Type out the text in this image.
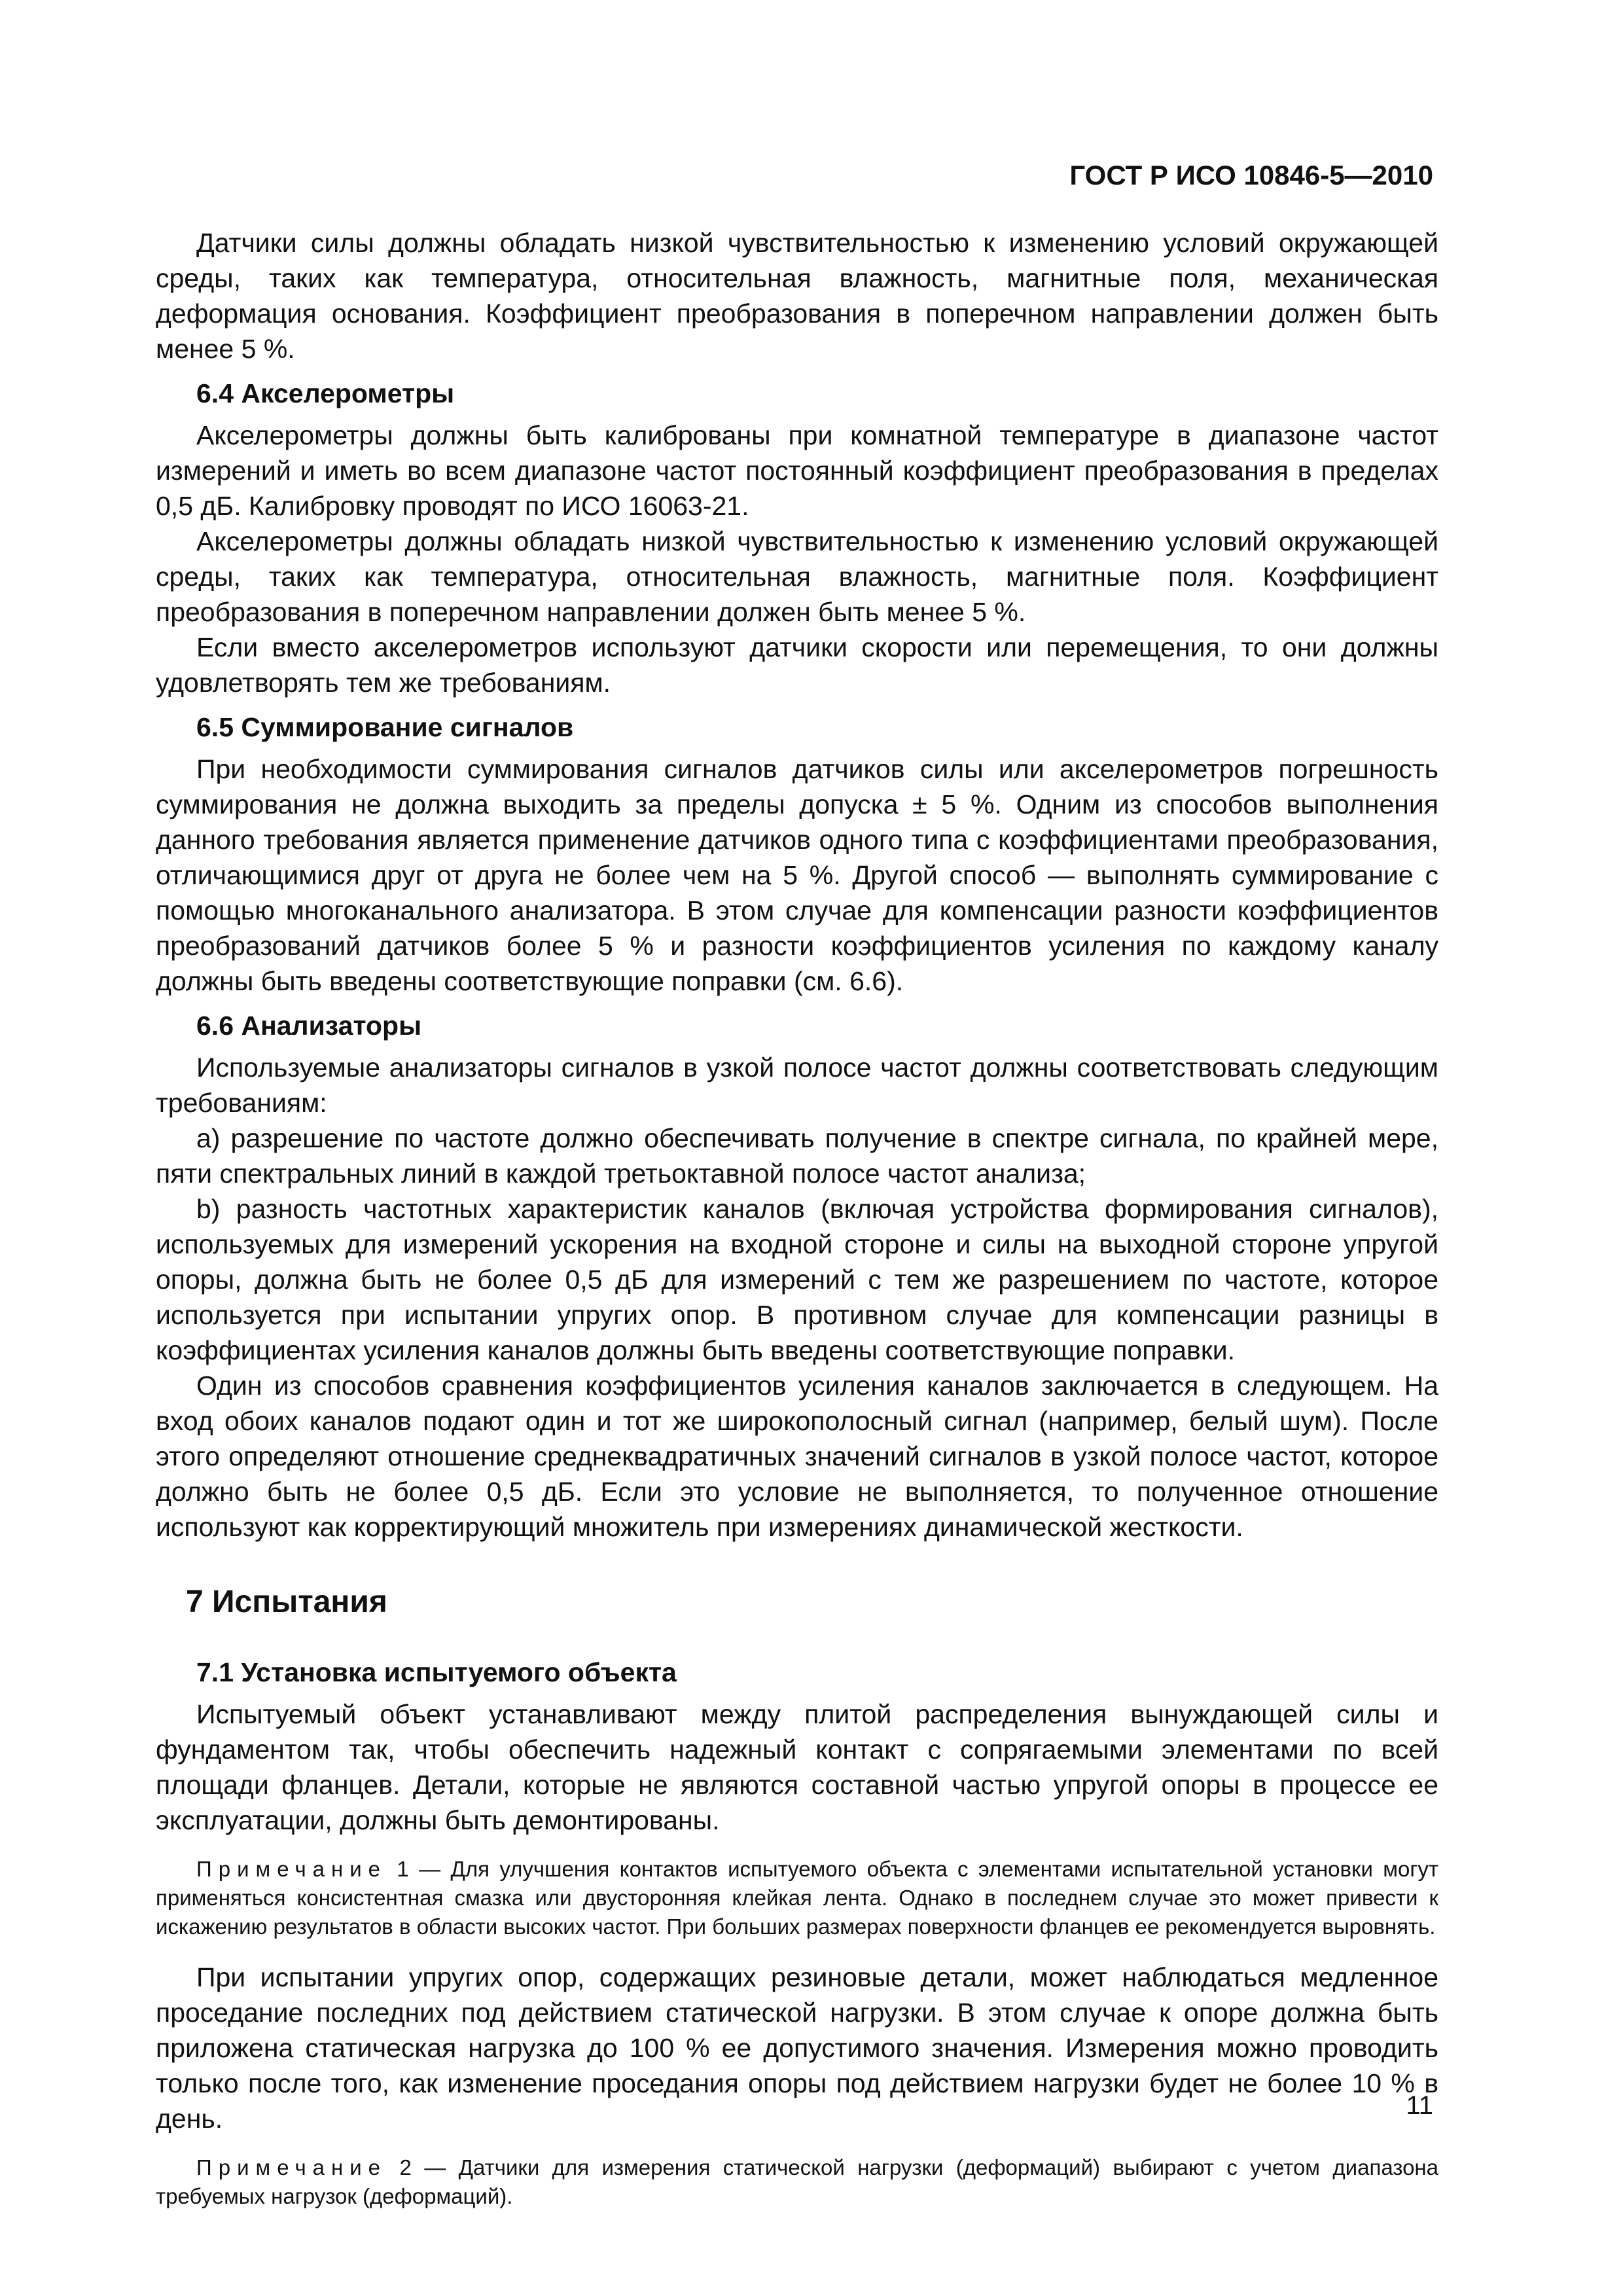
ГОСТ Р ИСО 10846-5—2010

Датчики силы должны обладать низкой чувствительностью к изменению условий окружающей среды, таких как температура, относительная влажность, магнитные поля, механическая деформация основания. Коэффициент преобразования в поперечном направлении должен быть менее 5 %.

6.4 Акселерометры

Акселерометры должны быть калиброваны при комнатной температуре в диапазоне частот измерений и иметь во всем диапазоне частот постоянный коэффициент преобразования в пределах 0,5 дБ. Калибровку проводят по ИСО 16063-21.

Акселерометры должны обладать низкой чувствительностью к изменению условий окружающей среды, таких как температура, относительная влажность, магнитные поля. Коэффициент преобразования в поперечном направлении должен быть менее 5 %.

Если вместо акселерометров используют датчики скорости или перемещения, то они должны удовлетворять тем же требованиям.

6.5 Суммирование сигналов

При необходимости суммирования сигналов датчиков силы или акселерометров погрешность суммирования не должна выходить за пределы допуска ± 5 %. Одним из способов выполнения данного требования является применение датчиков одного типа с коэффициентами преобразования, отличающимися друг от друга не более чем на 5 %. Другой способ — выполнять суммирование с помощью многоканального анализатора. В этом случае для компенсации разности коэффициентов преобразований датчиков более 5 % и разности коэффициентов усиления по каждому каналу должны быть введены соответствующие поправки (см. 6.6).

6.6 Анализаторы

Используемые анализаторы сигналов в узкой полосе частот должны соответствовать следующим требованиям:

а) разрешение по частоте должно обеспечивать получение в спектре сигнала, по крайней мере, пяти спектральных линий в каждой третьоктавной полосе частот анализа;

b) разность частотных характеристик каналов (включая устройства формирования сигналов), используемых для измерений ускорения на входной стороне и силы на выходной стороне упругой опоры, должна быть не более 0,5 дБ для измерений с тем же разрешением по частоте, которое используется при испытании упругих опор. В противном случае для компенсации разницы в коэффициентах усиления каналов должны быть введены соответствующие поправки.

Один из способов сравнения коэффициентов усиления каналов заключается в следующем. На вход обоих каналов подают один и тот же широкополосный сигнал (например, белый шум). После этого определяют отношение среднеквадратичных значений сигналов в узкой полосе частот, которое должно быть не более 0,5 дБ. Если это условие не выполняется, то полученное отношение используют как корректирующий множитель при измерениях динамической жесткости.

7 Испытания
7.1 Установка испытуемого объекта

Испытуемый объект устанавливают между плитой распределения вынуждающей силы и фундаментом так, чтобы обеспечить надежный контакт с сопрягаемыми элементами по всей площади фланцев. Детали, которые не являются составной частью упругой опоры в процессе ее эксплуатации, должны быть демонтированы.

Примечание 1 — Для улучшения контактов испытуемого объекта с элементами испытательной установки могут применяться консистентная смазка или двусторонняя клейкая лента. Однако в последнем случае это может привести к искажению результатов в области высоких частот. При больших размерах поверхности фланцев ее рекомендуется выровнять.

При испытании упругих опор, содержащих резиновые детали, может наблюдаться медленное проседание последних под действием статической нагрузки. В этом случае к опоре должна быть приложена статическая нагрузка до 100 % ее допустимого значения. Измерения можно проводить только после того, как изменение проседания опоры под действием нагрузки будет не более 10 % в день.

Примечание 2 — Датчики для измерения статической нагрузки (деформаций) выбирают с учетом диапазона требуемых нагрузок (деформаций).
11
